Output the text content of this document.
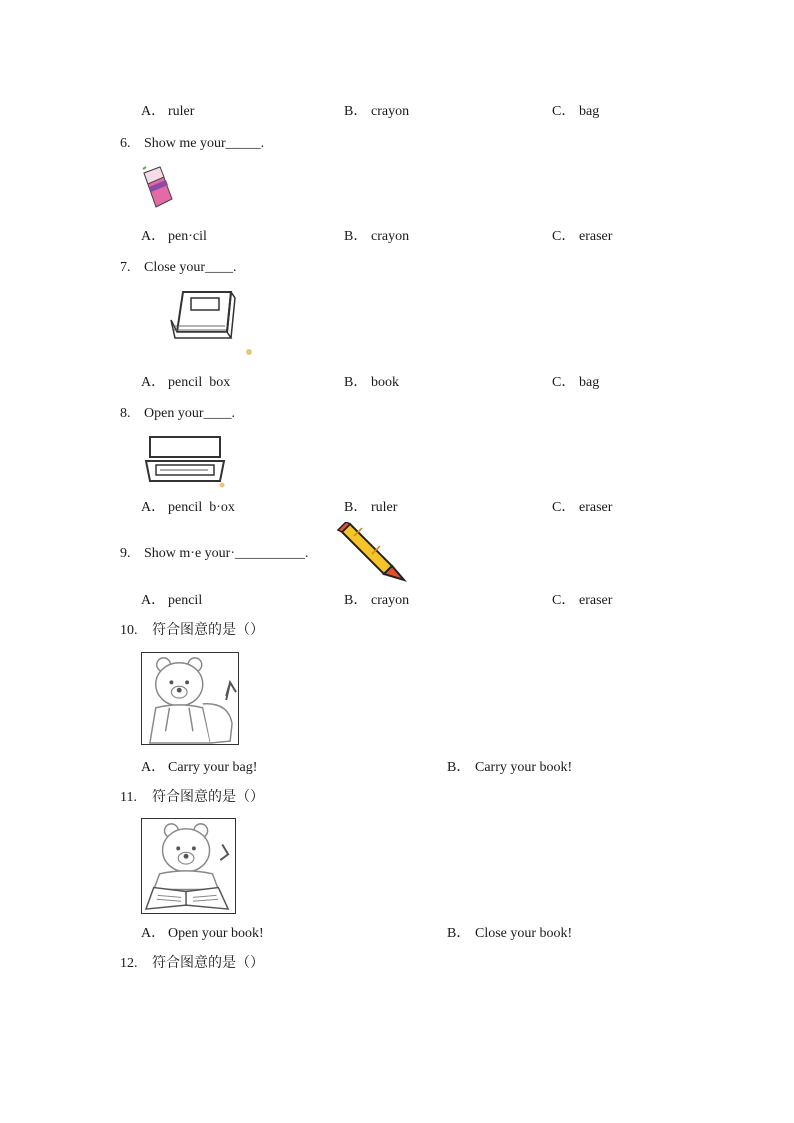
A． ruler	B． crayon	C． bag
6. Show me your_____.
A． pen·cil	B． crayon	C． eraser
7. Close your____.
A． pencil  box	B． book	C． bag
8. Open your____.
A． pencil  b·ox	B． ruler	C． eraser
9. Show m·e your·__________.
A． pencil	B． crayon	C． eraser
10. 符合图意的是（）
A． Carry your bag!	B． Carry your book!
11. 符合图意的是（）
A． Open your book!	B． Close your book!
12. 符合图意的是（）
